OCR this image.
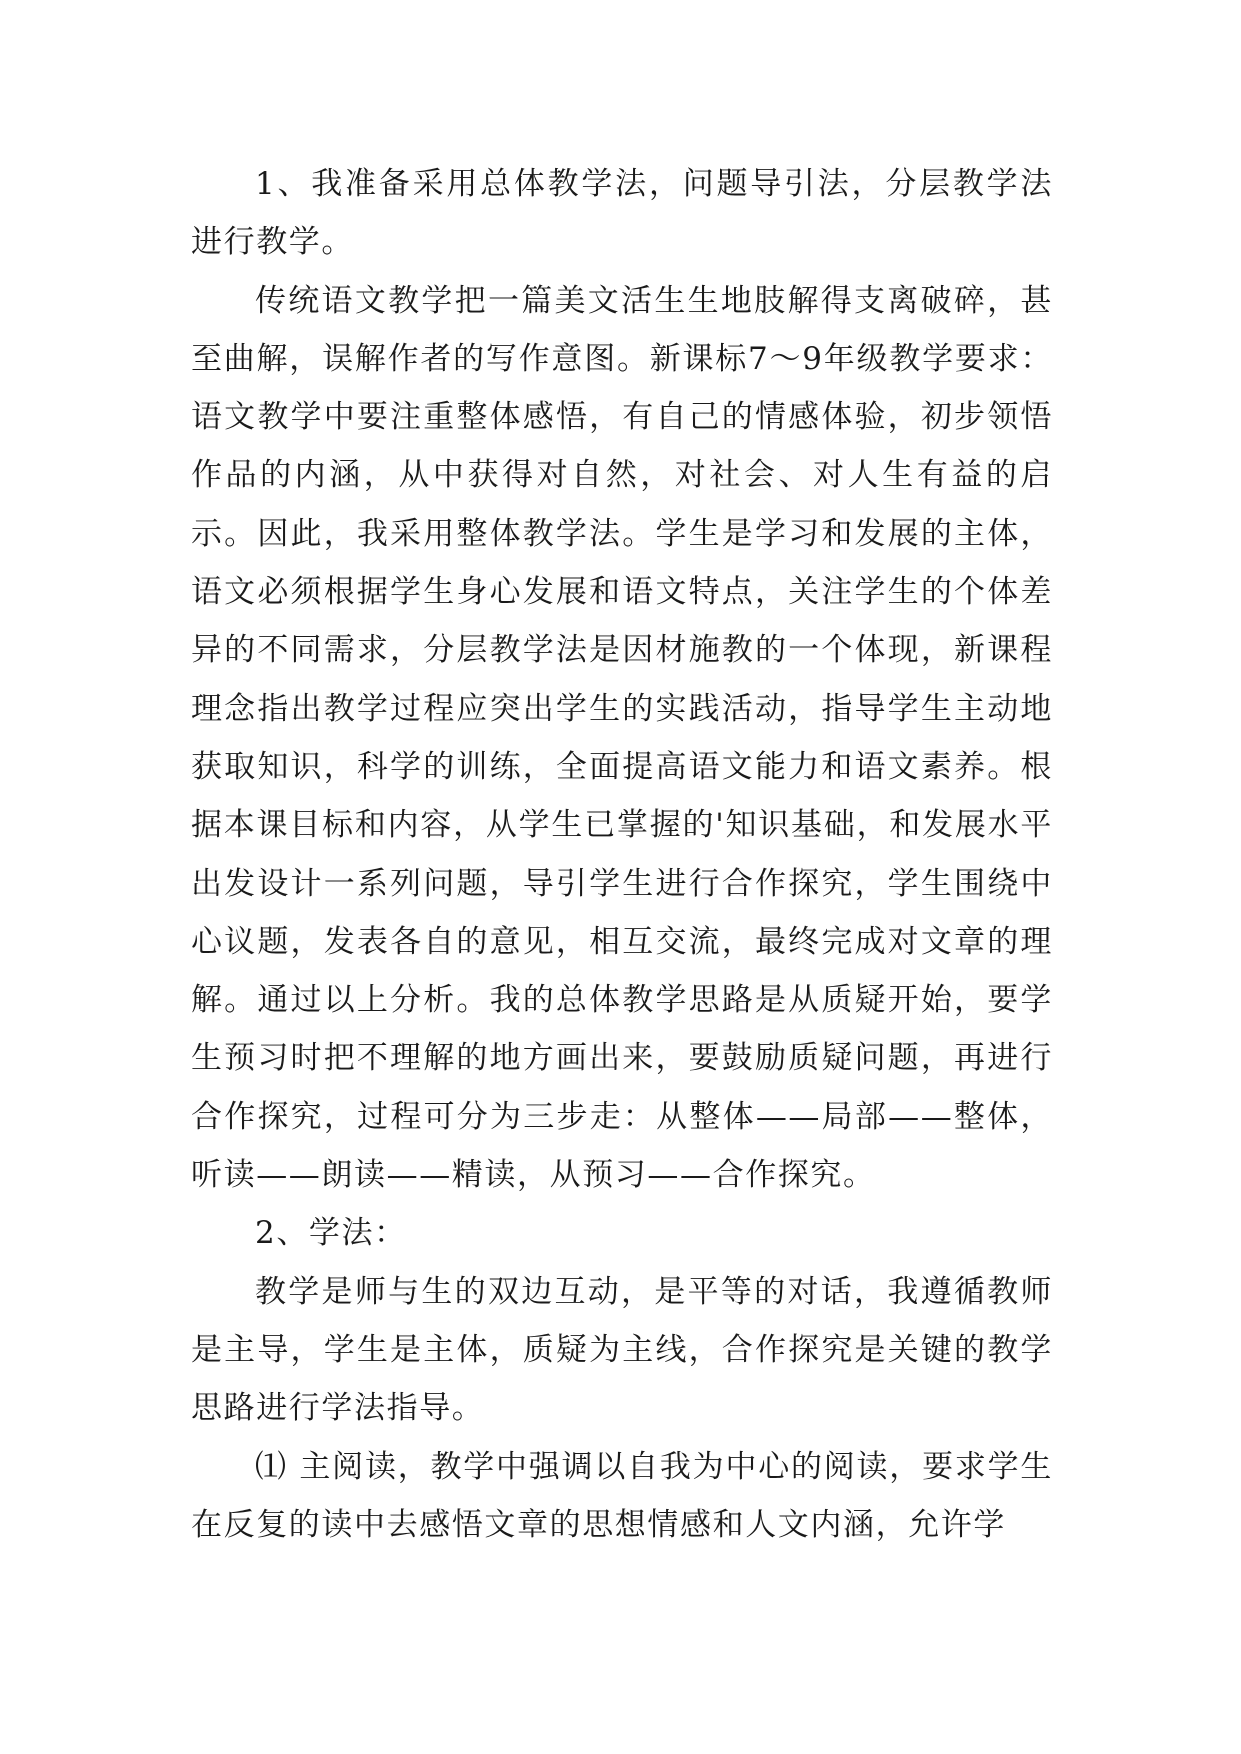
1、我准备采用总体教学法，问题导引法，分层教学法进行教学。

传统语文教学把一篇美文活生生地肢解得支离破碎，甚至曲解，误解作者的写作意图。新课标7～9年级教学要求：语文教学中要注重整体感悟，有自己的情感体验，初步领悟作品的内涵，从中获得对自然，对社会、对人生有益的启示。因此，我采用整体教学法。学生是学习和发展的主体，语文必须根据学生身心发展和语文特点，关注学生的个体差异的不同需求，分层教学法是因材施教的一个体现，新课程理念指出教学过程应突出学生的实践活动，指导学生主动地获取知识，科学的训练，全面提高语文能力和语文素养。根据本课目标和内容，从学生已掌握的'知识基础，和发展水平出发设计一系列问题，导引学生进行合作探究，学生围绕中心议题，发表各自的意见，相互交流，最终完成对文章的理解。通过以上分析。我的总体教学思路是从质疑开始，要学生预习时把不理解的地方画出来，要鼓励质疑问题，再进行合作探究，过程可分为三步走：从整体——局部——整体，听读——朗读——精读，从预习——合作探究。

2、学法：

教学是师与生的双边互动，是平等的对话，我遵循教师是主导，学生是主体，质疑为主线，合作探究是关键的教学思路进行学法指导。

⑴ 主阅读，教学中强调以自我为中心的阅读，要求学生在反复的读中去感悟文章的思想情感和人文内涵，允许学
